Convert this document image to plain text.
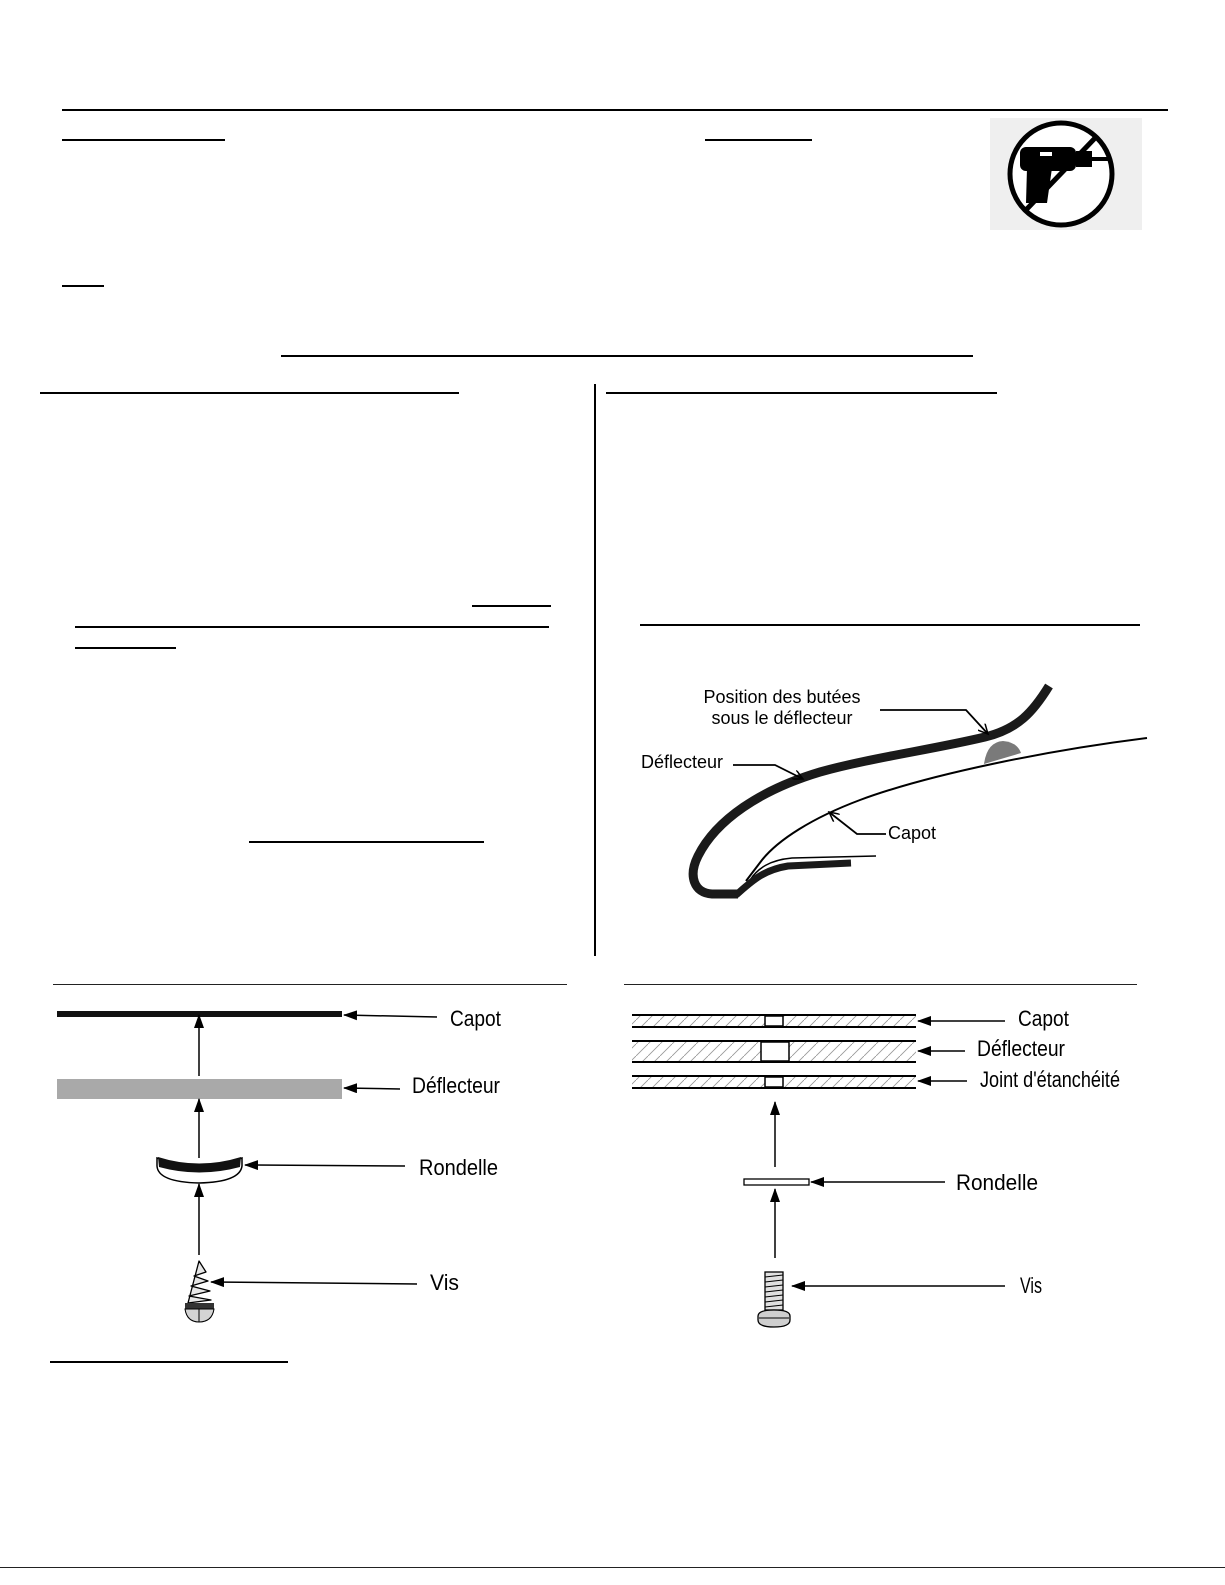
Position des butées
sous le déflecteur
Déflecteur
Capot
Capot
Déflecteur
Rondelle
Vis
Capot
Déflecteur
Joint d'étanchéité
Rondelle
Vis
